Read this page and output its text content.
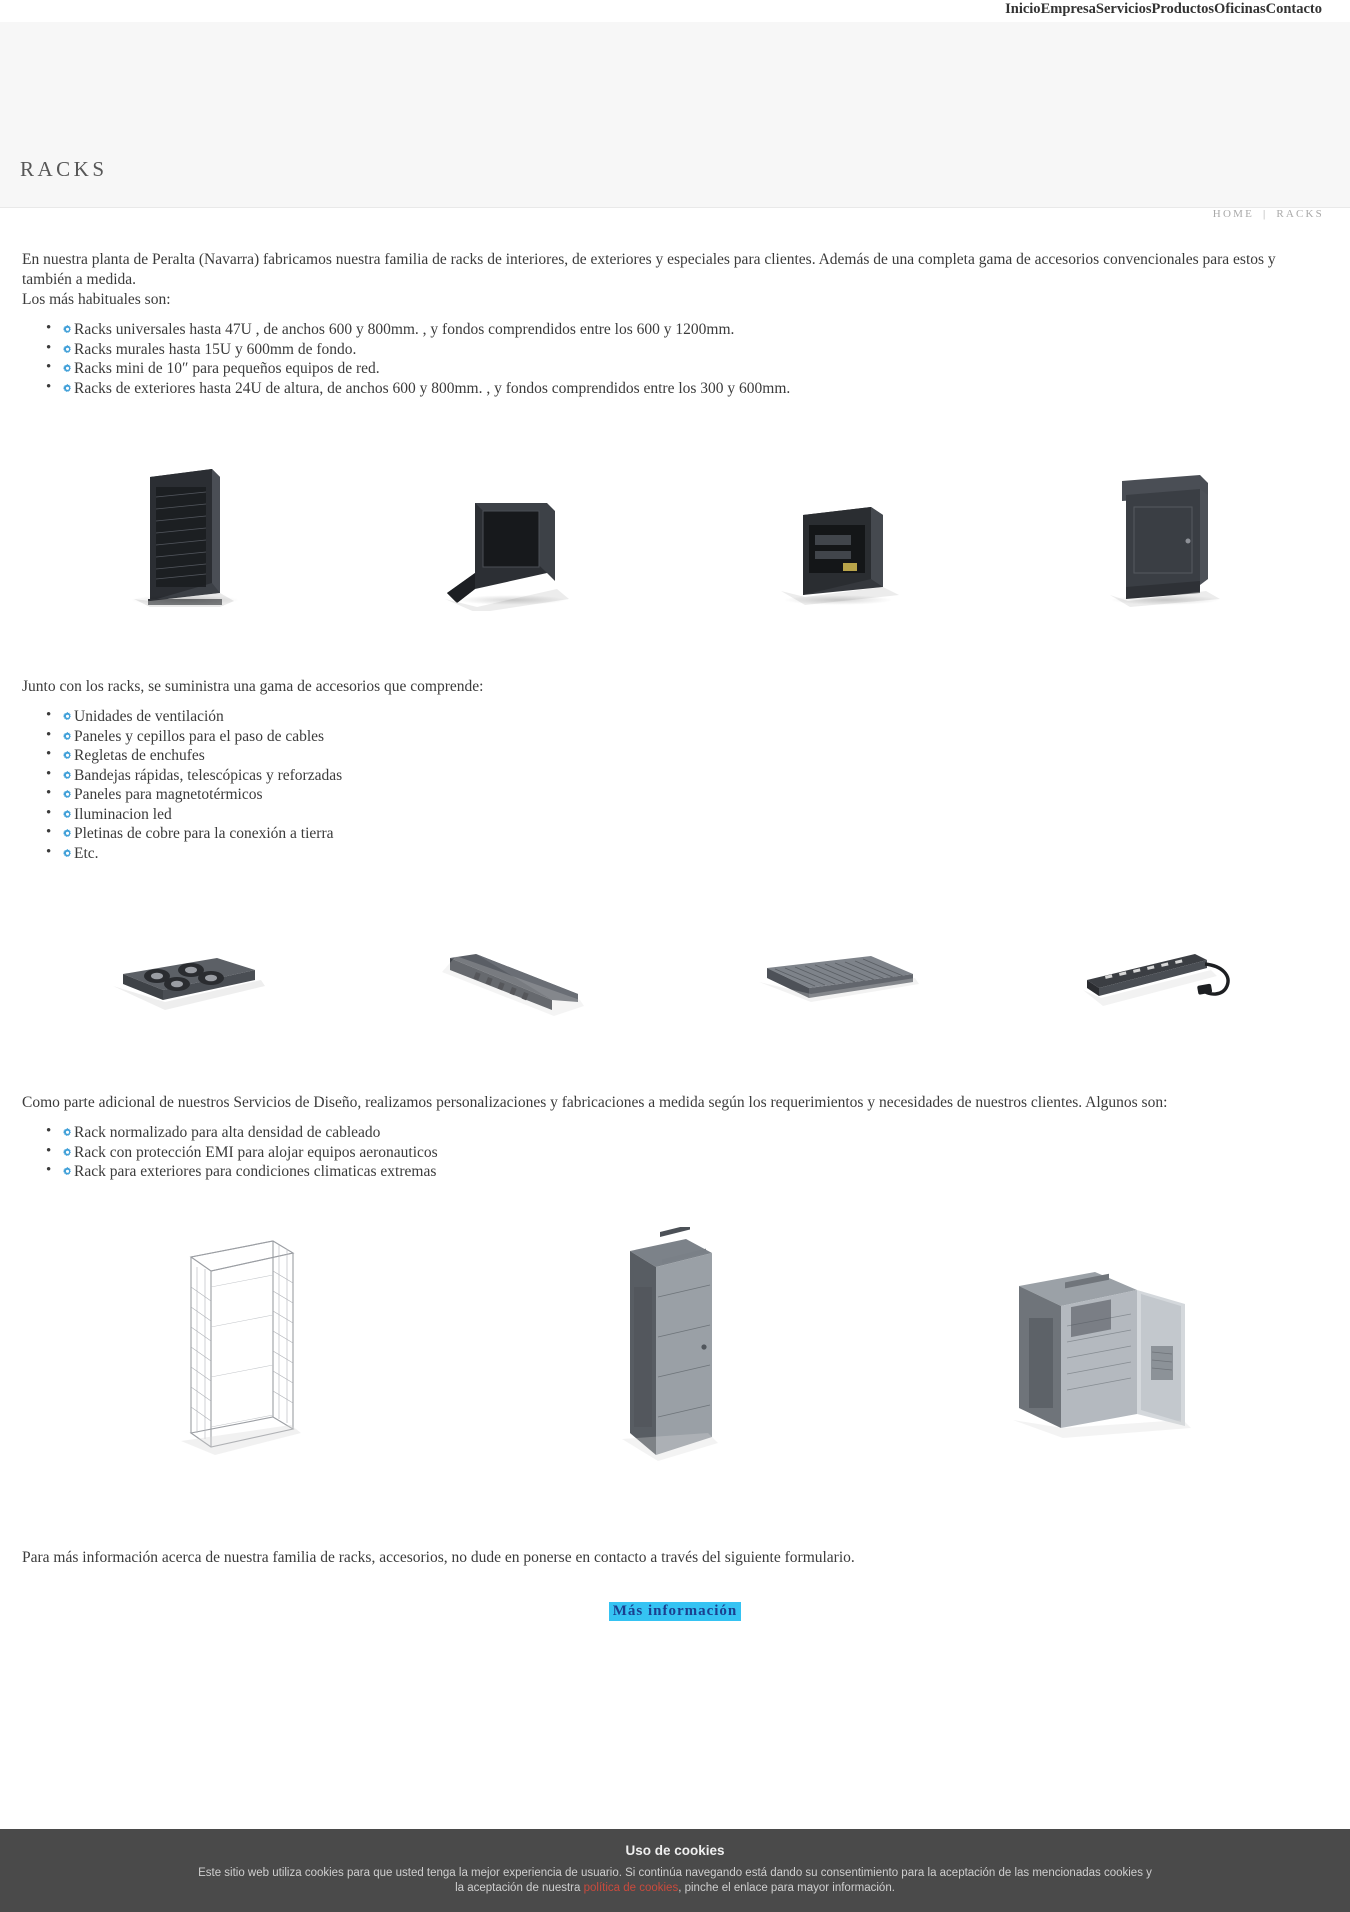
Inicio Empresa Servicios Productos Oficinas Contacto
RACKS
HOME | RACKS

En nuestra planta de Peralta (Navarra) fabricamos nuestra familia de racks de interiores, de exteriores y especiales para clientes. Además de una completa gama de accesorios convencionales para estos y también a medida.

Los más habituales son:

• Racks universales hasta 47U , de anchos 600 y 800mm. , y fondos comprendidos entre los 600 y 1200mm.
• Racks murales hasta 15U y 600mm de fondo.
• Racks mini de 10″ para pequeños equipos de red.
• Racks de exteriores hasta 24U de altura, de anchos 600 y 800mm. , y fondos comprendidos entre los 300 y 600mm.

Junto con los racks, se suministra una gama de accesorios que comprende:

• Unidades de ventilación
• Paneles y cepillos para el paso de cables
• Regletas de enchufes
• Bandejas rápidas, telescópicas y reforzadas
• Paneles para magnetotérmicos
• Iluminacion led
• Pletinas de cobre para la conexión a tierra
• Etc.

Como parte adicional de nuestros Servicios de Diseño, realizamos personalizaciones y fabricaciones a medida según los requerimientos y necesidades de nuestros clientes. Algunos son:

• Rack normalizado para alta densidad de cableado
• Rack con protección EMI para alojar equipos aeronauticos
• Rack para exteriores para condiciones climaticas extremas

Para más información acerca de nuestra familia de racks, accesorios, no dude en ponerse en contacto a través del siguiente formulario.

Más información
Uso de cookies
Este sitio web utiliza cookies para que usted tenga la mejor experiencia de usuario. Si continúa navegando está dando su consentimiento para la aceptación de las mencionadas cookies y la aceptación de nuestra política de cookies, pinche el enlace para mayor información.
